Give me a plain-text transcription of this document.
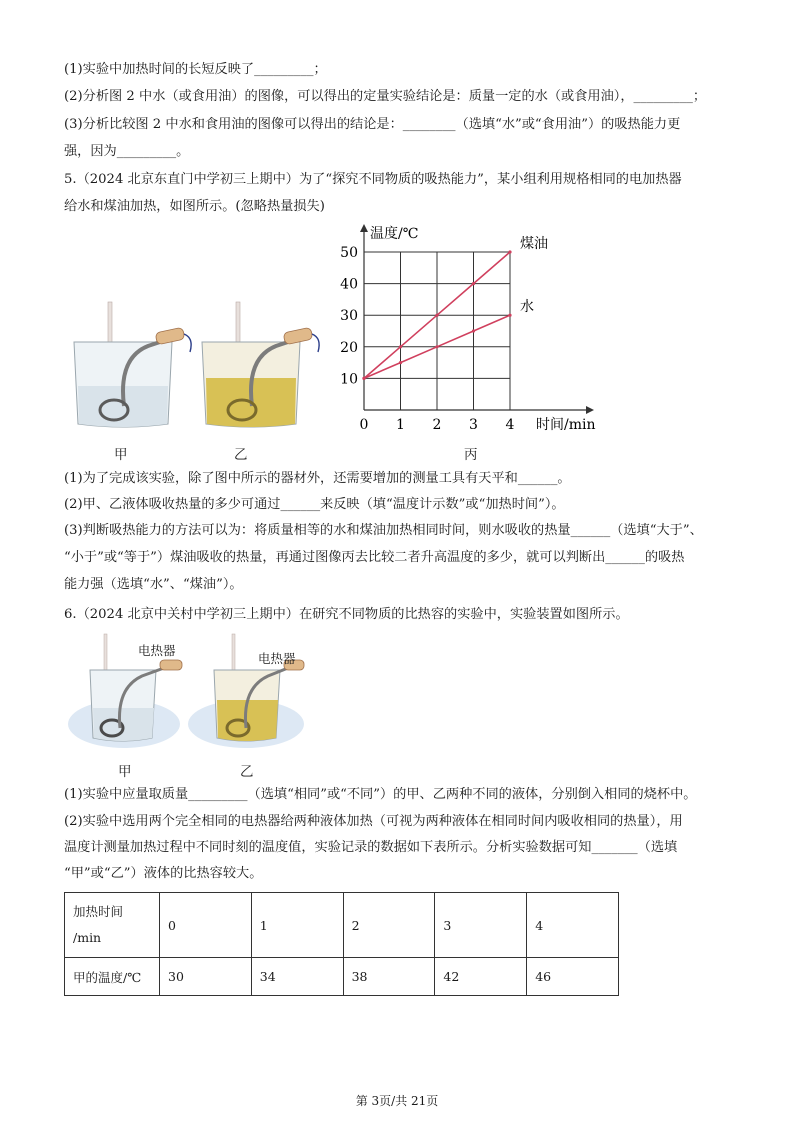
(1)实验中加热时间的长短反映了_________；
(2)分析图 2 中水（或食用油）的图像，可以得出的定量实验结论是：质量一定的水（或食用油），_________；
(3)分析比较图 2 中水和食用油的图像可以得出的结论是：________（选填“水”或“食用油”）的吸热能力更
强，因为_________。
5.（2024 北京东直门中学初三上期中）为了“探究不同物质的吸热能力”，某小组利用规格相同的电加热器
给水和煤油加热，如图所示。(忽略热量损失)
甲	乙	丙
10
20
30
40
50
0 1 2 3 4
温度/℃
时间/min
煤油
水
(1)为了完成该实验，除了图中所示的器材外，还需要增加的测量工具有天平和______。
(2)甲、乙液体吸收热量的多少可通过______来反映（填“温度计示数”或“加热时间”）。
(3)判断吸热能力的方法可以为：将质量相等的水和煤油加热相同时间，则水吸收的热量______（选填“大于”、
“小于”或“等于”）煤油吸收的热量，再通过图像丙去比较二者升高温度的多少，就可以判断出______的吸热
能力强（选填“水”、“煤油”）。
6.（2024 北京中关村中学初三上期中）在研究不同物质的比热容的实验中，实验装置如图所示。
电热器
电热器
甲	乙
(1)实验中应量取质量_________（选填“相同”或“不同”）的甲、乙两种不同的液体，分别倒入相同的烧杯中。
(2)实验中选用两个完全相同的电热器给两种液体加热（可视为两种液体在相同时间内吸收相同的热量），用
温度计测量加热过程中不同时刻的温度值，实验记录的数据如下表所示。分析实验数据可知_______（选填
“甲”或“乙”）液体的比热容较大。
加热时间
/min	0	1	2	3	4
甲的温度/℃	30	34	38	42	46
第 3页/共 21页
